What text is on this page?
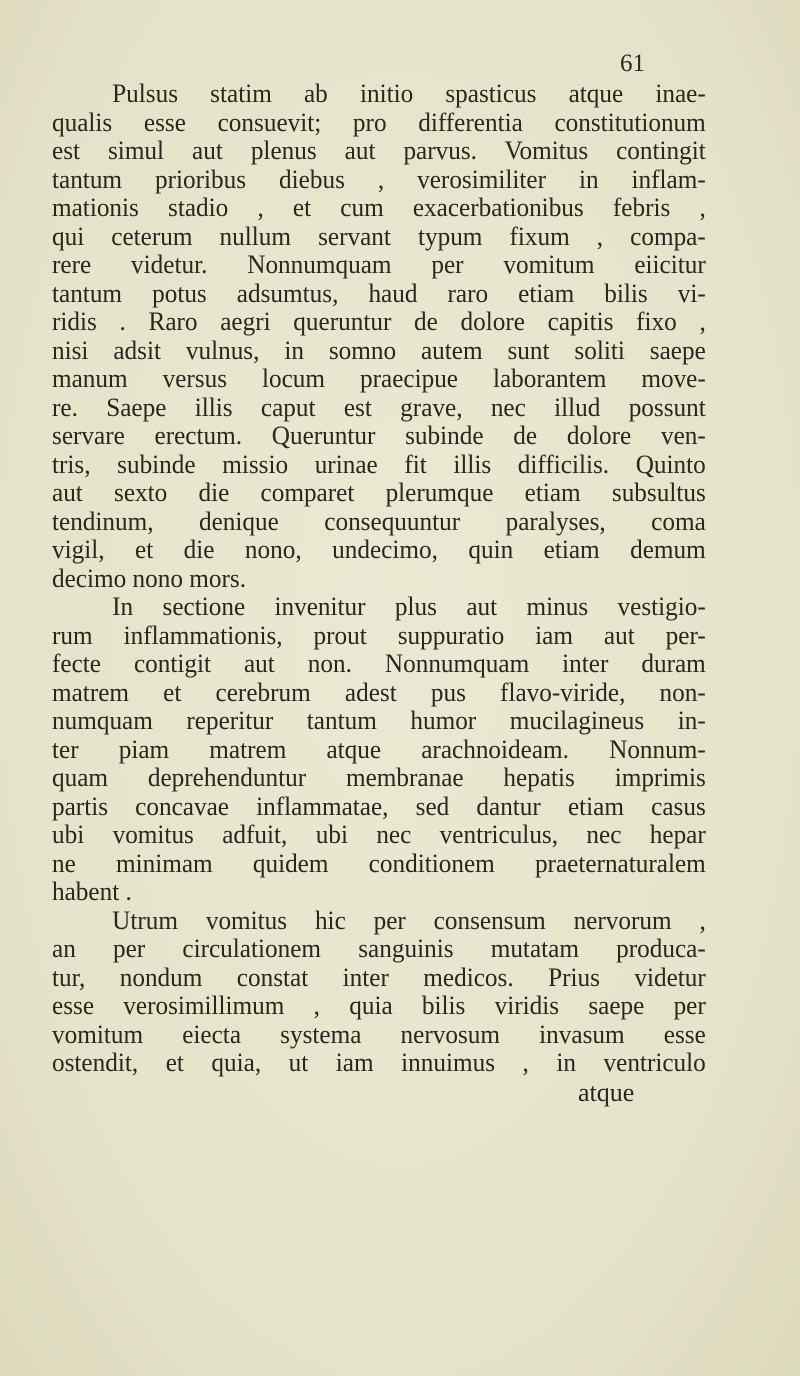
61
Pulsus statim ab initio spasticus atque inae-
qualis esse consuevit; pro differentia constitutionum
est simul aut plenus aut parvus. Vomitus contingit
tantum prioribus diebus , verosimiliter in inflam-
mationis stadio , et cum exacerbationibus febris ,
qui ceterum nullum servant typum fixum , compa-
rere videtur. Nonnumquam per vomitum eiicitur
tantum potus adsumtus, haud raro etiam bilis vi-
ridis . Raro aegri queruntur de dolore capitis fixo ,
nisi adsit vulnus, in somno autem sunt soliti saepe
manum versus locum praecipue laborantem move-
re. Saepe illis caput est grave, nec illud possunt
servare erectum. Queruntur subinde de dolore ven-
tris, subinde missio urinae fit illis difficilis. Quinto
aut sexto die comparet plerumque etiam subsultus
tendinum, denique consequuntur paralyses, coma
vigil, et die nono, undecimo, quin etiam demum
decimo nono mors.
In sectione invenitur plus aut minus vestigio-
rum inflammationis, prout suppuratio iam aut per-
fecte contigit aut non. Nonnumquam inter duram
matrem et cerebrum adest pus flavo-viride, non-
numquam reperitur tantum humor mucilagineus in-
ter piam matrem atque arachnoideam. Nonnum-
quam deprehenduntur membranae hepatis imprimis
partis concavae inflammatae, sed dantur etiam casus
ubi vomitus adfuit, ubi nec ventriculus, nec hepar
ne minimam quidem conditionem praeternaturalem
habent .
Utrum vomitus hic per consensum nervorum ,
an per circulationem sanguinis mutatam produca-
tur, nondum constat inter medicos. Prius videtur
esse verosimillimum , quia bilis viridis saepe per
vomitum eiecta systema nervosum invasum esse
ostendit, et quia, ut iam innuimus , in ventriculo
atque
